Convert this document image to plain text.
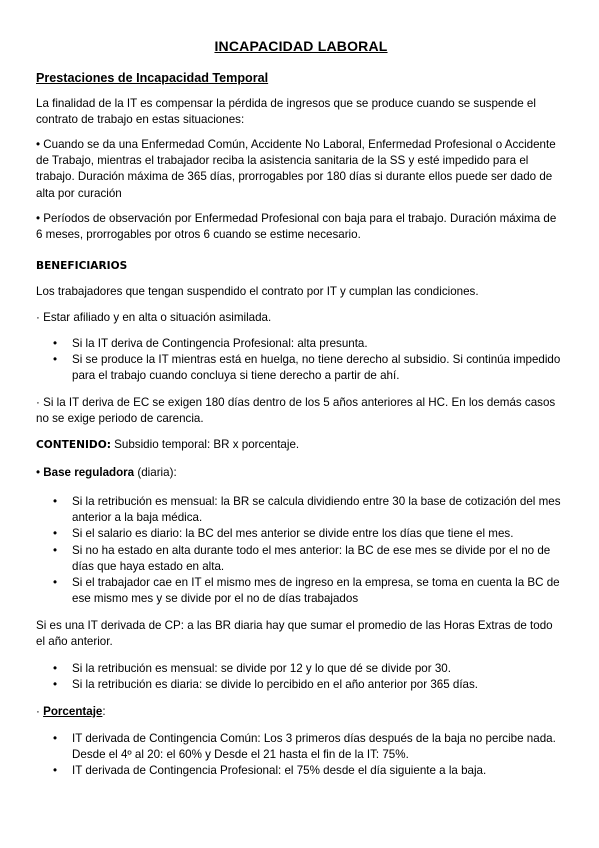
INCAPACIDAD LABORAL
Prestaciones de Incapacidad Temporal

La finalidad de la IT es compensar la pérdida de ingresos que se produce cuando se suspende el contrato de trabajo en estas situaciones:

• Cuando se da una Enfermedad Común, Accidente No Laboral, Enfermedad Profesional o Accidente de Trabajo, mientras el trabajador reciba la asistencia sanitaria de la SS y esté impedido para el trabajo. Duración máxima de 365 días, prorrogables por 180 días si durante ellos puede ser dado de alta por curación

• Períodos de observación por Enfermedad Profesional con baja para el trabajo. Duración máxima de 6 meses, prorrogables por otros 6 cuando se estime necesario.

BENEFICIARIOS

Los trabajadores que tengan suspendido el contrato por IT y cumplan las condiciones.

· Estar afiliado y en alta o situación asimilada.

• Si la IT deriva de Contingencia Profesional: alta presunta.
• Si se produce la IT mientras está en huelga, no tiene derecho al subsidio. Si continúa impedido para el trabajo cuando concluya si tiene derecho a partir de ahí.

· Si la IT deriva de EC se exigen 180 días dentro de los 5 años anteriores al HC. En los demás casos no se exige periodo de carencia.

CONTENIDO: Subsidio temporal: BR x porcentaje.

• Base reguladora (diaria):

• Si la retribución es mensual: la BR se calcula dividiendo entre 30 la base de cotización del mes anterior a la baja médica.
• Si el salario es diario: la BC del mes anterior se divide entre los días que tiene el mes.
• Si no ha estado en alta durante todo el mes anterior: la BC de ese mes se divide por el no de días que haya estado en alta.
• Si el trabajador cae en IT el mismo mes de ingreso en la empresa, se toma en cuenta la BC de ese mismo mes y se divide por el no de días trabajados

Si es una IT derivada de CP: a las BR diaria hay que sumar el promedio de las Horas Extras de todo el año anterior.

• Si la retribución es mensual: se divide por 12 y lo que dé se divide por 30.
• Si la retribución es diaria: se divide lo percibido en el año anterior por 365 días.

· Porcentaje:

• IT derivada de Contingencia Común: Los 3 primeros días después de la baja no percibe nada. Desde el 4º al 20: el 60% y Desde el 21 hasta el fin de la IT: 75%.
• IT derivada de Contingencia Profesional: el 75% desde el día siguiente a la baja.
